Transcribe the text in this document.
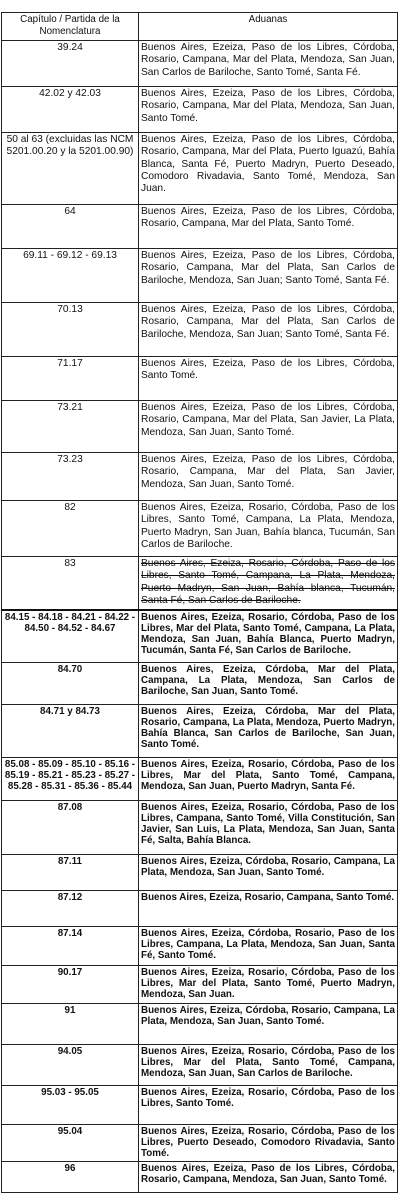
Capítulo / Partida de la Nomenclatura	Aduanas
39.24	Buenos Aires, Ezeiza, Paso de los Libres, Córdoba, Rosario, Campana, Mar del Plata, Mendoza, San Juan, San Carlos de Bariloche, Santo Tomé, Santa Fé.
42.02 y 42.03	Buenos Aires, Ezeiza, Paso de los Libres, Córdoba, Rosario, Campana, Mar del Plata, Mendoza, San Juan, Santo Tomé.
50 al 63 (excluidas las NCM 5201.00.20 y la 5201.00.90)	Buenos Aires, Ezeiza, Paso de los Libres, Córdoba, Rosario, Campana, Mar del Plata, Puerto Iguazú, Bahía Blanca, Santa Fé, Puerto Madryn, Puerto Deseado, Comodoro Rivadavia, Santo Tomé, Mendoza, San Juan.
64	Buenos Aires, Ezeiza, Paso de los Libres, Córdoba, Rosario, Campana, Mar del Plata, Santo Tomé.
69.11 - 69.12 - 69.13	Buenos Aires, Ezeiza, Paso de los Libres, Córdoba, Rosario, Campana, Mar del Plata, San Carlos de Bariloche, Mendoza, San Juan; Santo Tomé, Santa Fé.
70.13	Buenos Aires, Ezeiza, Paso de los Libres, Córdoba, Rosario, Campana, Mar del Plata, San Carlos de Bariloche, Mendoza, San Juan; Santo Tomé, Santa Fé.
71.17	Buenos Aires, Ezeiza, Paso de los Libres, Córdoba, Santo Tomé.
73.21	Buenos Aires, Ezeiza, Paso de los Libres, Córdoba, Rosario, Campana, Mar del Plata, San Javier, La Plata, Mendoza, San Juan, Santo Tomé.
73.23	Buenos Aires, Ezeiza, Paso de los Libres, Córdoba, Rosario, Campana, Mar del Plata, San Javier, Mendoza, San Juan, Santo Tomé.
82	Buenos Aires, Ezeiza, Rosario, Córdoba, Paso de los Libres, Santo Tomé, Campana, La Plata, Mendoza, Puerto Madryn, San Juan, Bahía blanca, Tucumán, San Carlos de Bariloche.
83	Buenos Aires, Ezeiza, Rosario, Córdoba, Paso de los Libres, Santo Tomé, Campana, La Plata, Mendoza, Puerto Madryn, San Juan, Bahía blanca, Tucumán, Santa Fé, San Carlos de Bariloche.
84.15 - 84.18 - 84.21 - 84.22 - 84.50 - 84.52 - 84.67	Buenos Aires, Ezeiza, Rosario, Córdoba, Paso de los Libres, Mar del Plata, Santo Tomé, Campana, La Plata, Mendoza, San Juan, Bahía Blanca, Puerto Madryn, Tucumán, Santa Fé, San Carlos de Bariloche.
84.70	Buenos Aires, Ezeiza, Córdoba, Mar del Plata, Campana, La Plata, Mendoza, San Carlos de Bariloche, San Juan, Santo Tomé.
84.71 y 84.73	Buenos Aires, Ezeiza, Córdoba, Mar del Plata, Rosario, Campana, La Plata, Mendoza, Puerto Madryn, Bahía Blanca, San Carlos de Bariloche, San Juan, Santo Tomé.
85.08 - 85.09 - 85.10 - 85.16 - 85.19 - 85.21 - 85.23 - 85.27 - 85.28 - 85.31 - 85.36 - 85.44	Buenos Aires, Ezeiza, Rosario, Córdoba, Paso de los Libres, Mar del Plata, Santo Tomé, Campana, Mendoza, San Juan, Puerto Madryn, Santa Fé.
87.08	Buenos Aires, Ezeiza, Rosario, Córdoba, Paso de los Libres, Campana, Santo Tomé, Villa Constitución, San Javier, San Luis, La Plata, Mendoza, San Juan, Santa Fé, Salta, Bahía Blanca.
87.11	Buenos Aires, Ezeiza, Córdoba, Rosario, Campana, La Plata, Mendoza, San Juan, Santo Tomé.
87.12	Buenos Aires, Ezeiza, Rosario, Campana, Santo Tomé.
87.14	Buenos Aires, Ezeiza, Córdoba, Rosario, Paso de los Libres, Campana, La Plata, Mendoza, San Juan, Santa Fé, Santo Tomé.
90.17	Buenos Aires, Ezeiza, Rosario, Córdoba, Paso de los Libres, Mar del Plata, Santo Tomé, Puerto Madryn, Mendoza, San Juan.
91	Buenos Aires, Ezeiza, Córdoba, Rosario, Campana, La Plata, Mendoza, San Juan, Santo Tomé.
94.05	Buenos Aires, Ezeiza, Rosario, Córdoba, Paso de los Libres, Mar del Plata, Santo Tomé, Campana, Mendoza, San Juan, San Carlos de Bariloche.
95.03 - 95.05	Buenos Aires, Ezeiza, Rosario, Córdoba, Paso de los Libres, Santo Tomé.
95.04	Buenos Aires, Ezeiza, Rosario, Córdoba, Paso de los Libres, Puerto Deseado, Comodoro Rivadavia, Santo Tomé.
96	Buenos Aires, Ezeiza, Paso de los Libres, Córdoba, Rosario, Campana, Mendoza, San Juan, Santo Tomé.
